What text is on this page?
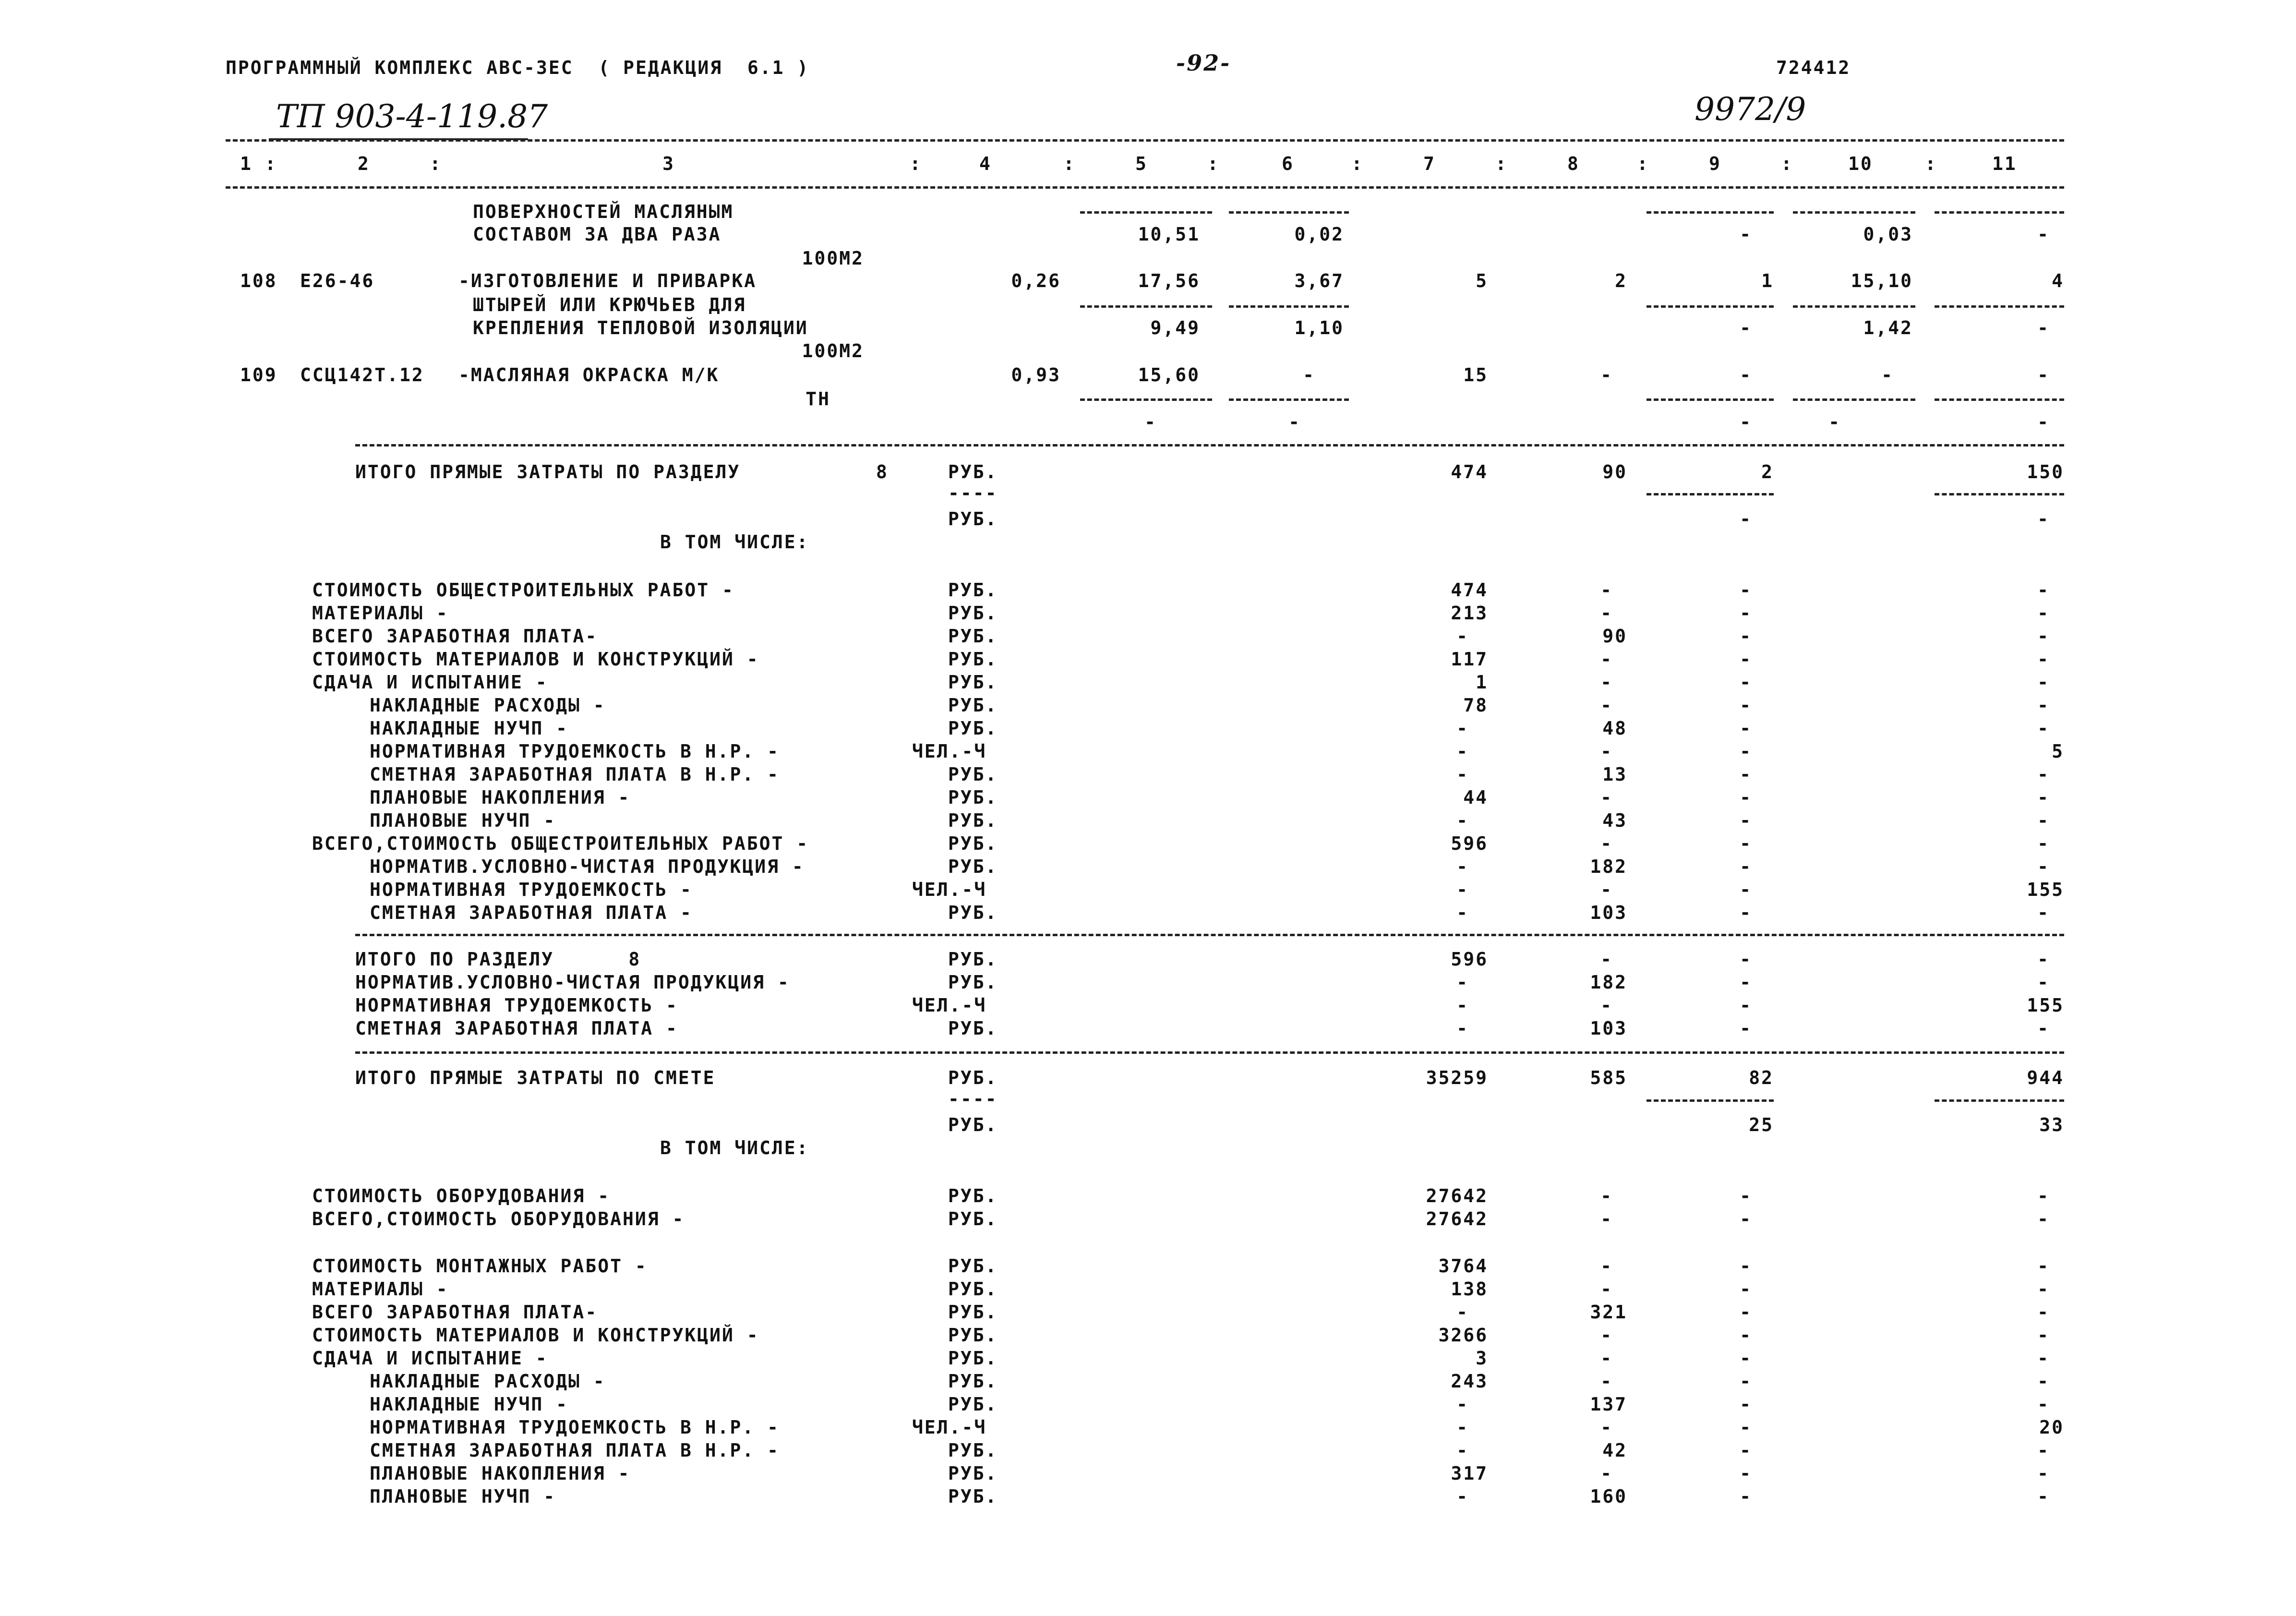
ПРОГРАММНЫЙ КОМПЛЕКС АВС-3ЕС  ( РЕДАКЦИЯ  6.1 )	-92-	724412
ТП 903-4-119.87	9972/9
1 :	2	:	3	:	4	:	5	:	6	:	7	:	8	:	9	:	10	:	11
ПОВЕРХНОСТЕЙ МАСЛЯНЫМ
СОСТАВОМ ЗА ДВА РАЗА	10,51	0,02	-	0,03	-
100М2
108 Е26-46	-ИЗГОТОВЛЕНИЕ И ПРИВАРКА	0,26	17,56	3,67	5	2	1	15,10	4
ШТЫРЕЙ ИЛИ КРЮЧЬЕВ ДЛЯ
КРЕПЛЕНИЯ ТЕПЛОВОЙ ИЗОЛЯЦИИ	9,49	1,10	-	1,42	-
100М2
109 ССЦ142Т.12 -МАСЛЯНАЯ ОКРАСКА М/К	0,93	15,60	-	15	-	-	-	-
ТН
-	-	-	-	-
ИТОГО ПРЯМЫЕ ЗАТРАТЫ ПО РАЗДЕЛУ	8	РУБ.	474	90	2	150
----
РУБ.	-	-
В ТОМ ЧИСЛЕ:
СТОИМОСТЬ ОБЩЕСТРОИТЕЛЬНЫХ РАБОТ -	РУБ.	474	-	-	-
МАТЕРИАЛЫ -	РУБ.	213	-	-	-
ВСЕГО ЗАРАБОТНАЯ ПЛАТА-	РУБ.	-	90	-	-
СТОИМОСТЬ МАТЕРИАЛОВ И КОНСТРУКЦИЙ -	РУБ.	117	-	-	-
СДАЧА И ИСПЫТАНИЕ -	РУБ.	1	-	-	-
НАКЛАДНЫЕ РАСХОДЫ -	РУБ.	78	-	-	-
НАКЛАДНЫЕ НУЧП -	РУБ.	-	48	-	-
НОРМАТИВНАЯ ТРУДОЕМКОСТЬ В Н.Р. -	ЧЕЛ.-Ч	-	-	-	5
СМЕТНАЯ ЗАРАБОТНАЯ ПЛАТА В Н.Р. -	РУБ.	-	13	-	-
ПЛАНОВЫЕ НАКОПЛЕНИЯ -	РУБ.	44	-	-	-
ПЛАНОВЫЕ НУЧП -	РУБ.	-	43	-	-
ВСЕГО,СТОИМОСТЬ ОБЩЕСТРОИТЕЛЬНЫХ РАБОТ -	РУБ.	596	-	-	-
НОРМАТИВ.УСЛОВНО-ЧИСТАЯ ПРОДУКЦИЯ -	РУБ.	-	182	-	-
НОРМАТИВНАЯ ТРУДОЕМКОСТЬ -	ЧЕЛ.-Ч	-	-	-	155
СМЕТНАЯ ЗАРАБОТНАЯ ПЛАТА -	РУБ.	-	103	-	-
ИТОГО ПО РАЗДЕЛУ      8	РУБ.	596	-	-	-
НОРМАТИВ.УСЛОВНО-ЧИСТАЯ ПРОДУКЦИЯ -	РУБ.	-	182	-	-
НОРМАТИВНАЯ ТРУДОЕМКОСТЬ -	ЧЕЛ.-Ч	-	-	-	155
СМЕТНАЯ ЗАРАБОТНАЯ ПЛАТА -	РУБ.	-	103	-	-
ИТОГО ПРЯМЫЕ ЗАТРАТЫ ПО СМЕТЕ	РУБ.	35259	585	82	944
----
РУБ.	25	33
В ТОМ ЧИСЛЕ:
СТОИМОСТЬ ОБОРУДОВАНИЯ -	РУБ.	27642	-	-	-
ВСЕГО,СТОИМОСТЬ ОБОРУДОВАНИЯ -	РУБ.	27642	-	-	-
СТОИМОСТЬ МОНТАЖНЫХ РАБОТ -	РУБ.	3764	-	-	-
МАТЕРИАЛЫ -	РУБ.	138	-	-	-
ВСЕГО ЗАРАБОТНАЯ ПЛАТА-	РУБ.	-	321	-	-
СТОИМОСТЬ МАТЕРИАЛОВ И КОНСТРУКЦИЙ -	РУБ.	3266	-	-	-
СДАЧА И ИСПЫТАНИЕ -	РУБ.	3	-	-	-
НАКЛАДНЫЕ РАСХОДЫ -	РУБ.	243	-	-	-
НАКЛАДНЫЕ НУЧП -	РУБ.	-	137	-	-
НОРМАТИВНАЯ ТРУДОЕМКОСТЬ В Н.Р. -	ЧЕЛ.-Ч	-	-	-	20
СМЕТНАЯ ЗАРАБОТНАЯ ПЛАТА В Н.Р. -	РУБ.	-	42	-	-
ПЛАНОВЫЕ НАКОПЛЕНИЯ -	РУБ.	317	-	-	-
ПЛАНОВЫЕ НУЧП -	РУБ.	-	160	-	-
